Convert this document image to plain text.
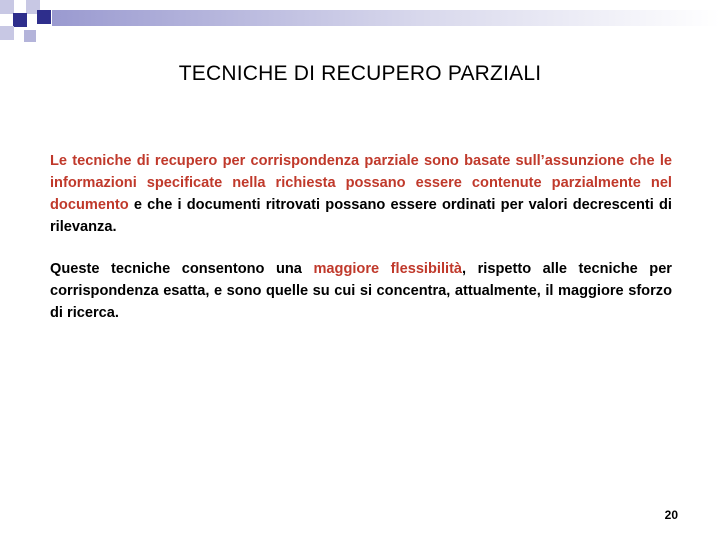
TECNICHE DI RECUPERO PARZIALI
Le tecniche di recupero per corrispondenza parziale sono basate sull’assunzione che le informazioni specificate nella richiesta possano essere contenute parzialmente nel documento e che i documenti ritrovati possano essere ordinati per valori decrescenti di rilevanza.
Queste tecniche consentono una maggiore flessibilità, rispetto alle tecniche per corrispondenza esatta, e sono quelle su cui si concentra, attualmente, il maggiore sforzo di ricerca.
20
